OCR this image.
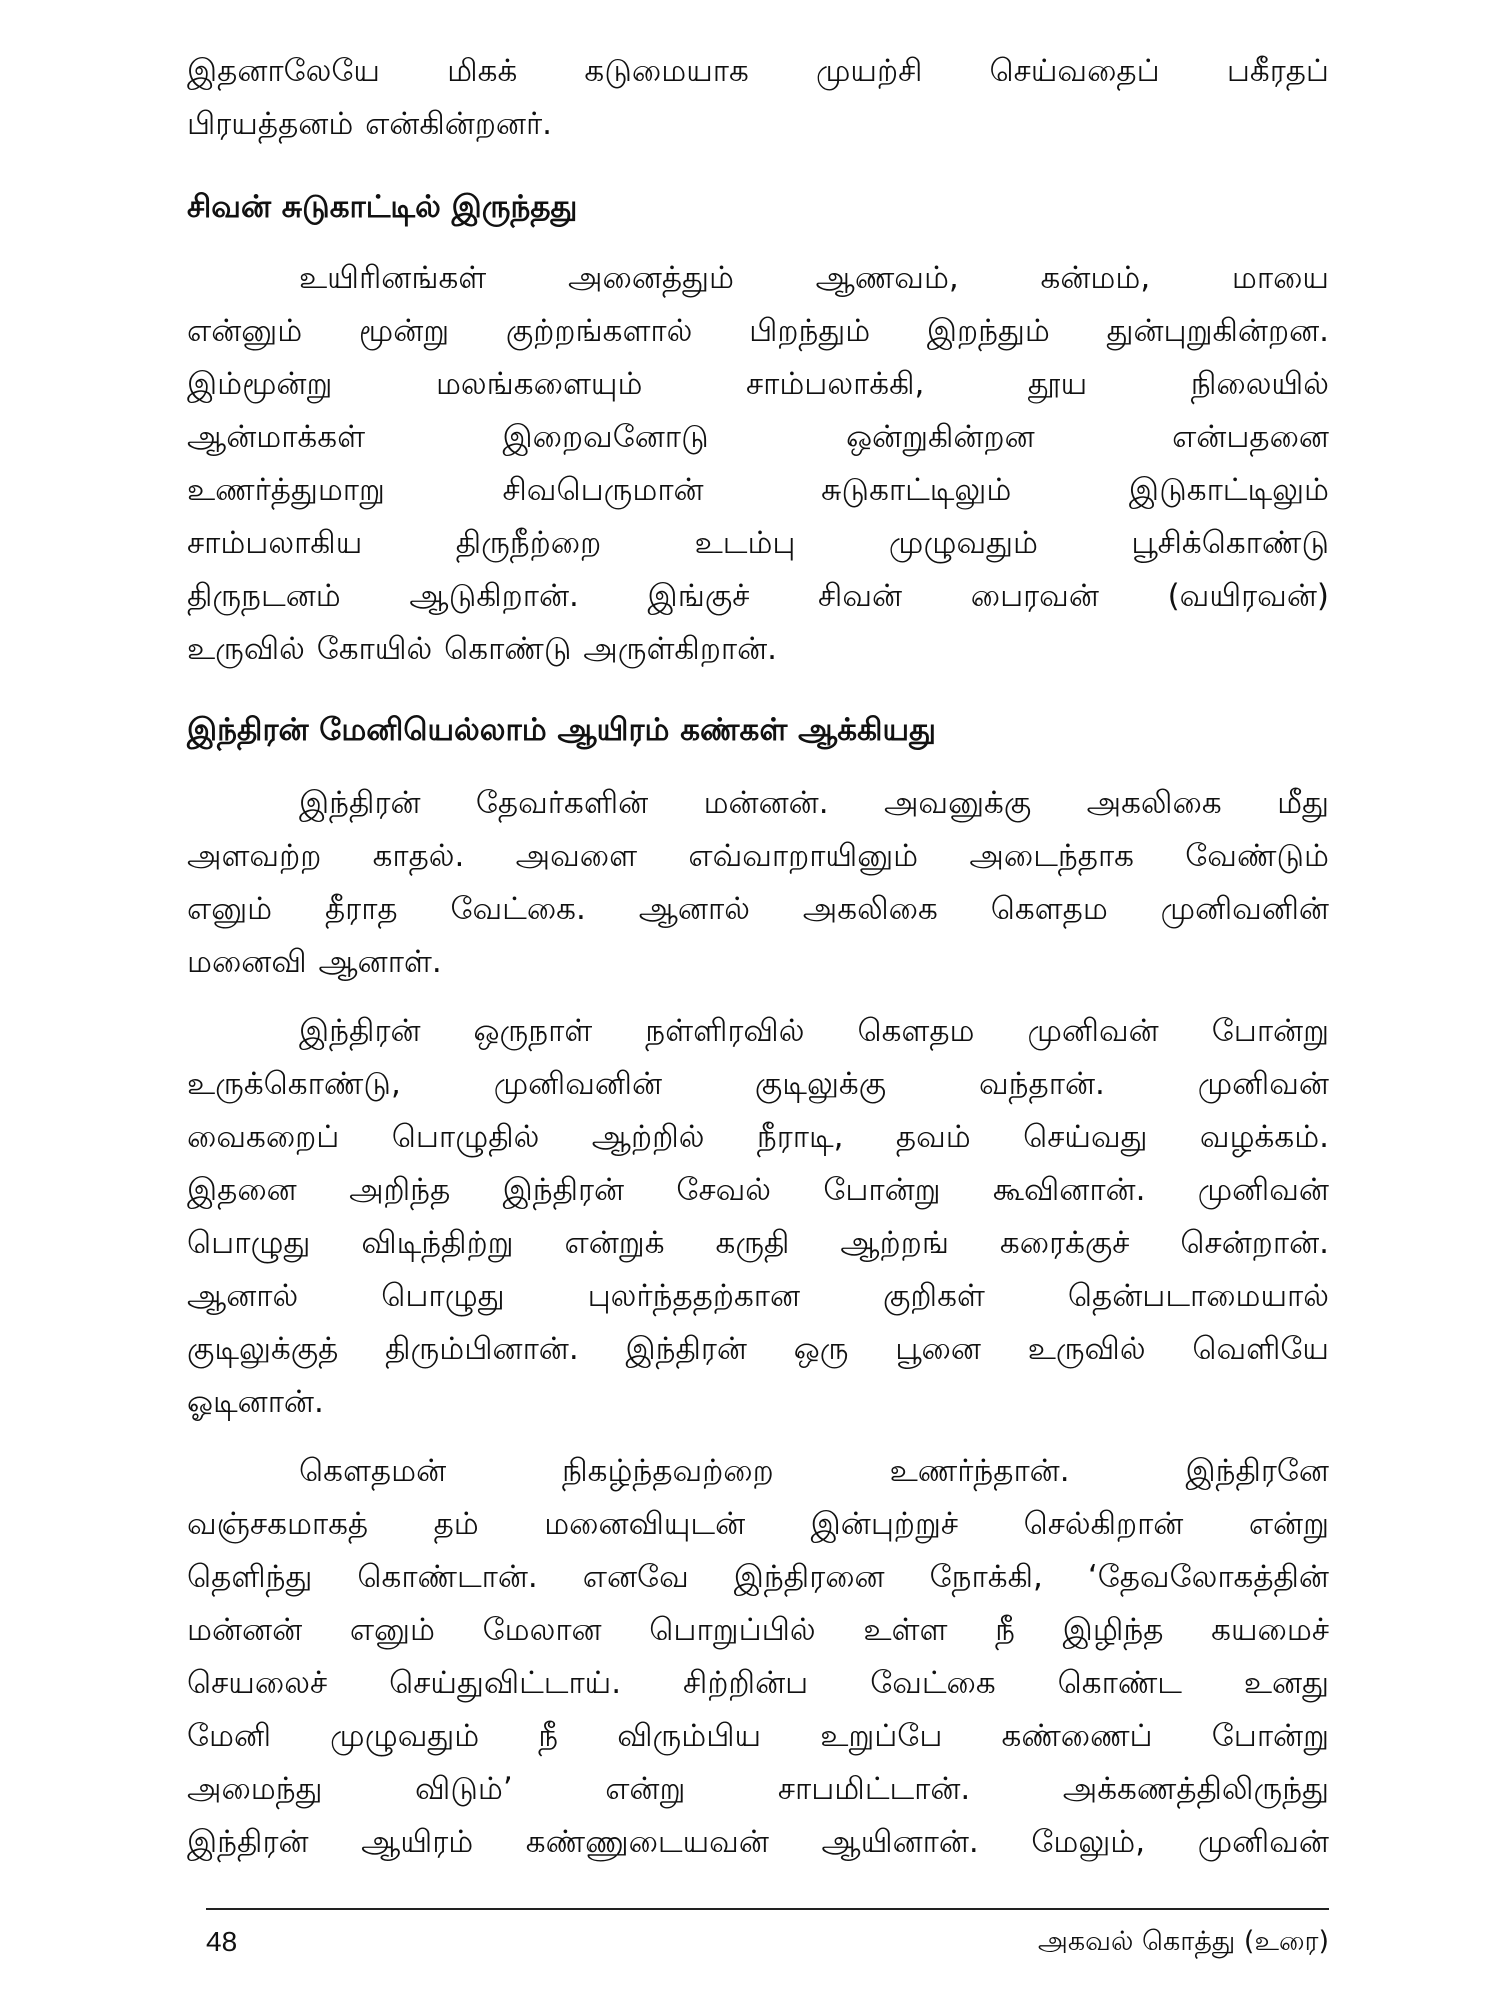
இதனாலேயே மிகக் கடுமையாக முயற்சி செய்வதைப் பகீரதப்
பிரயத்தனம் என்கின்றனர்.
சிவன் சுடுகாட்டில் இருந்தது
உயிரினங்கள் அனைத்தும் ஆணவம், கன்மம், மாயை
என்னும் மூன்று குற்றங்களால் பிறந்தும் இறந்தும் துன்புறுகின்றன.
இம்மூன்று மலங்களையும் சாம்பலாக்கி, தூய நிலையில்
ஆன்மாக்கள் இறைவனோடு ஒன்றுகின்றன என்பதனை
உணர்த்துமாறு சிவபெருமான் சுடுகாட்டிலும் இடுகாட்டிலும்
சாம்பலாகிய திருநீற்றை உடம்பு முழுவதும் பூசிக்கொண்டு
திருநடனம் ஆடுகிறான். இங்குச் சிவன் பைரவன் (வயிரவன்)
உருவில் கோயில் கொண்டு அருள்கிறான்.
இந்திரன் மேனியெல்லாம் ஆயிரம் கண்கள் ஆக்கியது
இந்திரன் தேவர்களின் மன்னன். அவனுக்கு அகலிகை மீது
அளவற்ற காதல். அவளை எவ்வாறாயினும் அடைந்தாக வேண்டும்
எனும் தீராத வேட்கை. ஆனால் அகலிகை கௌதம முனிவனின்
மனைவி ஆனாள்.
இந்திரன் ஒருநாள் நள்ளிரவில் கௌதம முனிவன் போன்று
உருக்கொண்டு, முனிவனின் குடிலுக்கு வந்தான். முனிவன்
வைகறைப் பொழுதில் ஆற்றில் நீராடி, தவம் செய்வது வழக்கம்.
இதனை அறிந்த இந்திரன் சேவல் போன்று கூவினான். முனிவன்
பொழுது விடிந்திற்று என்றுக் கருதி ஆற்றங் கரைக்குச் சென்றான்.
ஆனால் பொழுது புலர்ந்ததற்கான குறிகள் தென்படாமையால்
குடிலுக்குத் திரும்பினான். இந்திரன் ஒரு பூனை உருவில் வெளியே
ஓடினான்.
கௌதமன் நிகழ்ந்தவற்றை உணர்ந்தான். இந்திரனே
வஞ்சகமாகத் தம் மனைவியுடன் இன்புற்றுச் செல்கிறான் என்று
தெளிந்து கொண்டான். எனவே இந்திரனை நோக்கி, ‘தேவலோகத்தின்
மன்னன் எனும் மேலான பொறுப்பில் உள்ள நீ இழிந்த கயமைச்
செயலைச் செய்துவிட்டாய். சிற்றின்ப வேட்கை கொண்ட உனது
மேனி முழுவதும் நீ விரும்பிய உறுப்பே கண்ணைப் போன்று
அமைந்து விடும்’ என்று சாபமிட்டான். அக்கணத்திலிருந்து
இந்திரன் ஆயிரம் கண்ணுடையவன் ஆயினான். மேலும், முனிவன்
48	அகவல் கொத்து (உரை)
